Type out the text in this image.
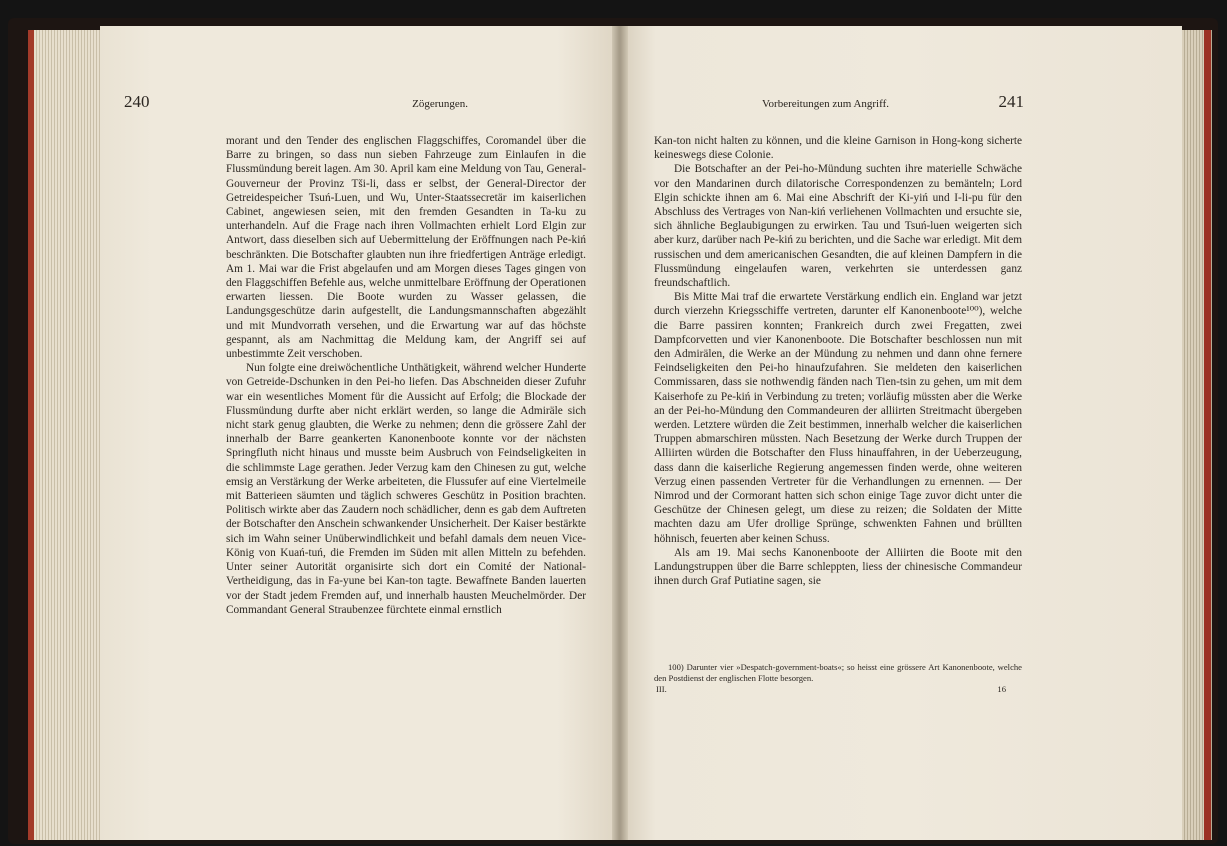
240	Zögerungen.	Vorbereitungen zum Angriff.	241

morant und den Tender des englischen Flaggschiffes, Coromandel über die Barre zu bringen, so dass nun sieben Fahrzeuge zum Einlaufen in die Flussmündung bereit lagen. Am 30. April kam eine Meldung von Tau, General-Gouverneur der Provinz Tši-li, dass er selbst, der General-Director der Getreidespeicher Tsuń-Luen, und Wu, Unter-Staatssecretär im kaiserlichen Cabinet, angewiesen seien, mit den fremden Gesandten in Ta-ku zu unterhandeln. Auf die Frage nach ihren Vollmachten erhielt Lord Elgin zur Antwort, dass dieselben sich auf Uebermittelung der Eröffnungen nach Pe-kiń beschränkten. Die Botschafter glaubten nun ihre friedfertigen Anträge erledigt. Am 1. Mai war die Frist abgelaufen und am Morgen dieses Tages gingen von den Flaggschiffen Befehle aus, welche unmittelbare Eröffnung der Operationen erwarten liessen. Die Boote wurden zu Wasser gelassen, die Landungsgeschütze darin aufgestellt, die Landungsmannschaften abgezählt und mit Mundvorrath versehen, und die Erwartung war auf das höchste gespannt, als am Nachmittag die Meldung kam, der Angriff sei auf unbestimmte Zeit verschoben.

Nun folgte eine dreiwöchentliche Unthätigkeit, während welcher Hunderte von Getreide-Dschunken in den Pei-ho liefen. Das Abschneiden dieser Zufuhr war ein wesentliches Moment für die Aussicht auf Erfolg; die Blockade der Flussmündung durfte aber nicht erklärt werden, so lange die Admiräle sich nicht stark genug glaubten, die Werke zu nehmen; denn die grössere Zahl der innerhalb der Barre geankerten Kanonenboote konnte vor der nächsten Springfluth nicht hinaus und musste beim Ausbruch von Feindseligkeiten in die schlimmste Lage gerathen. Jeder Verzug kam den Chinesen zu gut, welche emsig an Verstärkung der Werke arbeiteten, die Flussufer auf eine Viertelmeile mit Batterieen säumten und täglich schweres Geschütz in Position brachten. Politisch wirkte aber das Zaudern noch schädlicher, denn es gab dem Auftreten der Botschafter den Anschein schwankender Unsicherheit. Der Kaiser bestärkte sich im Wahn seiner Unüberwindlichkeit und befahl damals dem neuen Vice-König von Kuań-tuń, die Fremden im Süden mit allen Mitteln zu befehden. Unter seiner Autorität organisirte sich dort ein Comité der National-Vertheidigung, das in Fa-yune bei Kan-ton tagte. Bewaffnete Banden lauerten vor der Stadt jedem Fremden auf, und innerhalb hausten Meuchelmörder. Der Commandant General Straubenzee fürchtete einmal ernstlich

Kan-ton nicht halten zu können, und die kleine Garnison in Hong-kong sicherte keineswegs diese Colonie.

Die Botschafter an der Pei-ho-Mündung suchten ihre materielle Schwäche vor den Mandarinen durch dilatorische Correspondenzen zu bemänteln; Lord Elgin schickte ihnen am 6. Mai eine Abschrift der Ki-yiń und I-li-pu für den Abschluss des Vertrages von Nan-kiń verliehenen Vollmachten und ersuchte sie, sich ähnliche Beglaubigungen zu erwirken. Tau und Tsuń-luen weigerten sich aber kurz, darüber nach Pe-kiń zu berichten, und die Sache war erledigt. Mit dem russischen und dem americanischen Gesandten, die auf kleinen Dampfern in die Flussmündung eingelaufen waren, verkehrten sie unterdessen ganz freundschaftlich.

Bis Mitte Mai traf die erwartete Verstärkung endlich ein. England war jetzt durch vierzehn Kriegsschiffe vertreten, darunter elf Kanonenboote¹⁰⁰), welche die Barre passiren konnten; Frankreich durch zwei Fregatten, zwei Dampfcorvetten und vier Kanonenboote. Die Botschafter beschlossen nun mit den Admirälen, die Werke an der Mündung zu nehmen und dann ohne fernere Feindseligkeiten den Pei-ho hinaufzufahren. Sie meldeten den kaiserlichen Commissaren, dass sie nothwendig fänden nach Tien-tsin zu gehen, um mit dem Kaiserhofe zu Pe-kiń in Verbindung zu treten; vorläufig müssten aber die Werke an der Pei-ho-Mündung den Commandeuren der alliirten Streitmacht übergeben werden. Letztere würden die Zeit bestimmen, innerhalb welcher die kaiserlichen Truppen abmarschiren müssten. Nach Besetzung der Werke durch Truppen der Alliirten würden die Botschafter den Fluss hinauffahren, in der Ueberzeugung, dass dann die kaiserliche Regierung angemessen finden werde, ohne weiteren Verzug einen passenden Vertreter für die Verhandlungen zu ernennen. — Der Nimrod und der Cormorant hatten sich schon einige Tage zuvor dicht unter die Geschütze der Chinesen gelegt, um diese zu reizen; die Soldaten der Mitte machten dazu am Ufer drollige Sprünge, schwenkten Fahnen und brüllten höhnisch, feuerten aber keinen Schuss.

Als am 19. Mai sechs Kanonenboote der Alliirten die Boote mit den Landungstruppen über die Barre schleppten, liess der chinesische Commandeur ihnen durch Graf Putiatine sagen, sie

100) Darunter vier »Despatch-government-boats«; so heisst eine grössere Art Kanonenboote, welche den Postdienst der englischen Flotte besorgen.

III.	16
